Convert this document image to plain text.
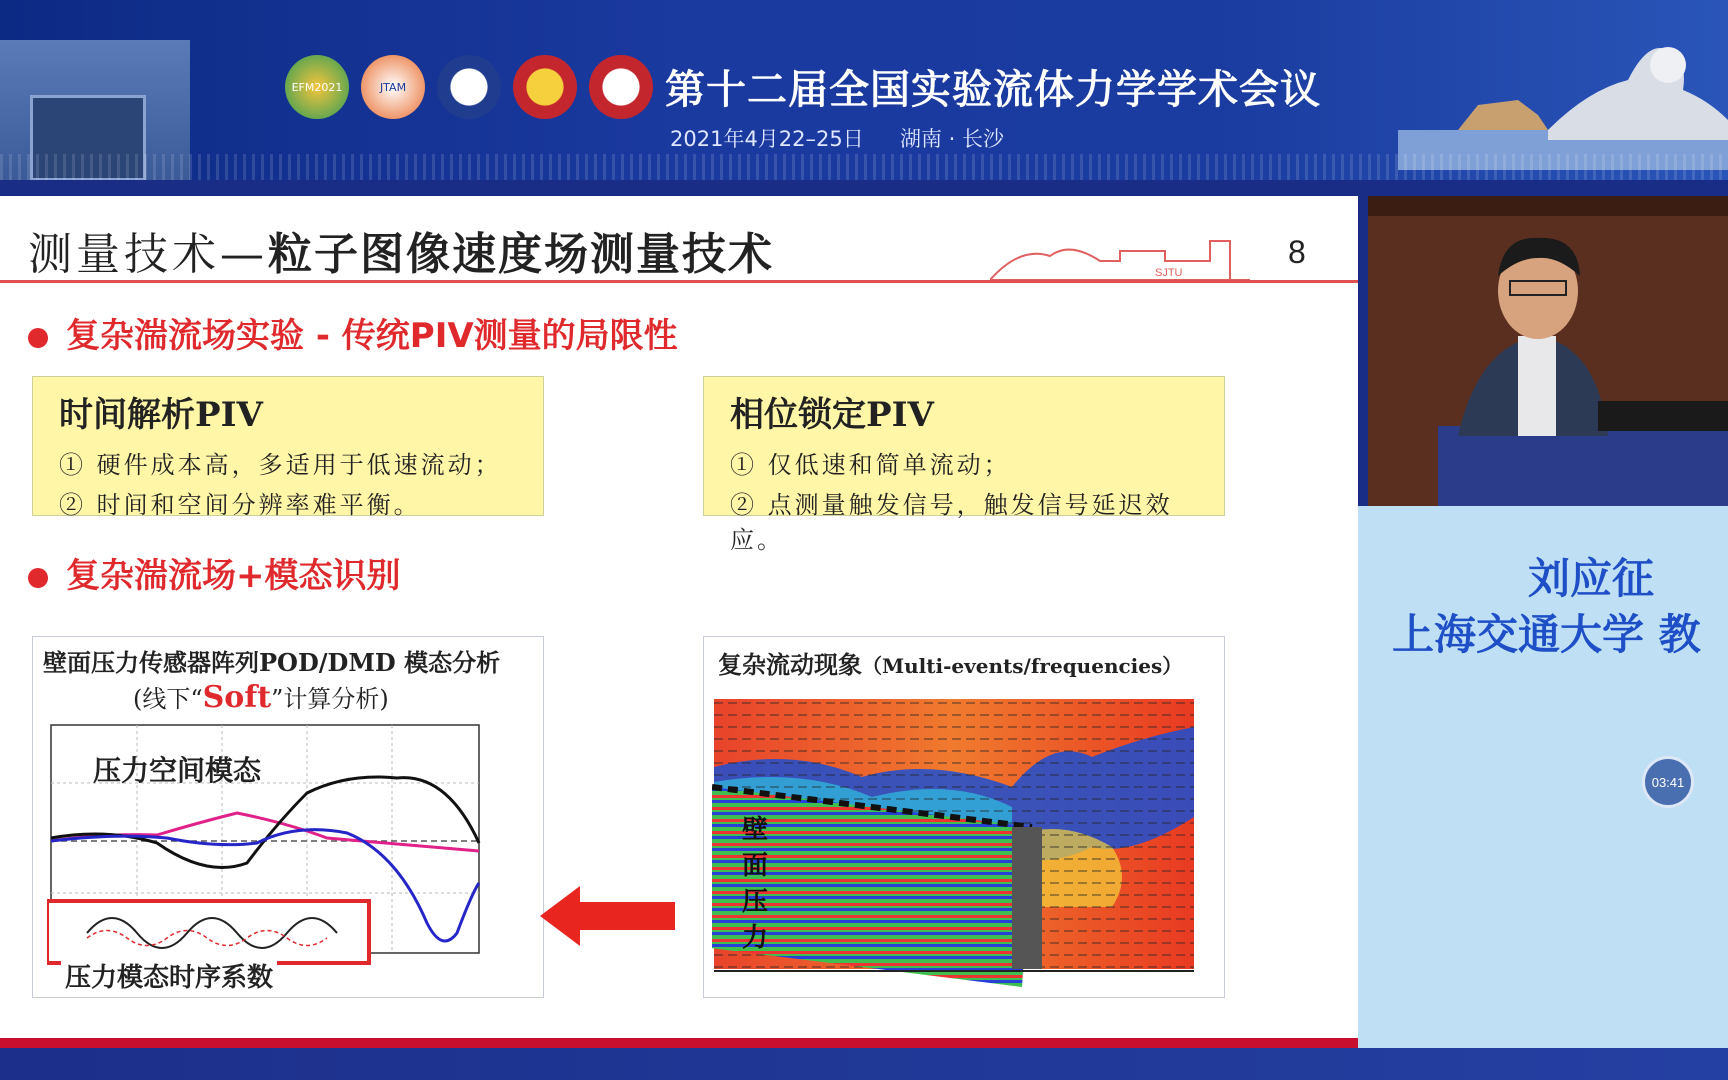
EFM2021	JTAM	第十二届全国实验流体力学学术会议
2021年4月22–25日 湖南 · 长沙
测量技术—粒子图像速度场测量技术	SJTU
8
复杂湍流场实验 - 传统PIV测量的局限性
时间解析PIV
① 硬件成本高，多适用于低速流动；
② 时间和空间分辨率难平衡。
相位锁定PIV
① 仅低速和简单流动；
② 点测量触发信号，触发信号延迟效应。
复杂湍流场+模态识别
壁面压力传感器阵列POD/DMD 模态分析
(线下“Soft”计算分析)
压力空间模态
压力模态时序系数
复杂流动现象（Multi-events/frequencies）
壁
面
压
力
刘应征
上海交通大学 教
03:41
